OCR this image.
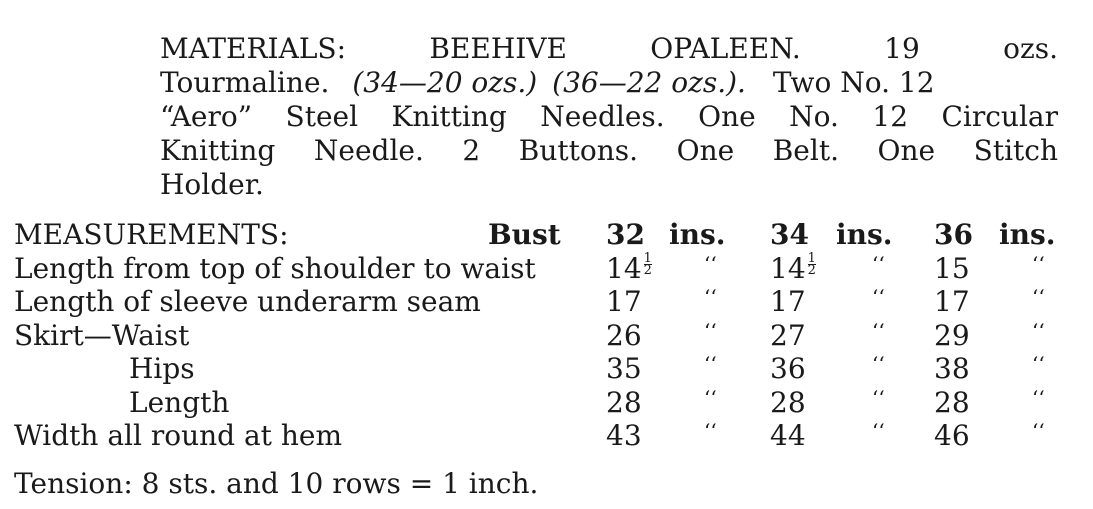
MATERIALS:	BEEHIVE	OPALEEN.	19	ozs.
Tourmaline. (34—20 ozs.) (36—22 ozs.). Two No. 12
“Aero” Steel Knitting Needles. One No. 12 Circular
Knitting Needle. 2 Buttons. One Belt. One Stitch
Holder.
MEASUREMENTS:	Bust 32 ins. 34 ins. 36 ins.
Length from top of shoulder to waist	$14 \frac{1}{2}$	‘‘ $14 \frac{1}{2}$	‘‘ 15	‘‘
Length of sleeve underarm seam	17	‘‘ 17	‘‘ 17	‘‘
Skirt—Waist	26	‘‘ 27	‘‘ 29	‘‘
Hips	35	‘‘ 36	‘‘ 38	‘‘
Length	28	‘‘ 28	‘‘ 28	‘‘
Width all round at hem	43	‘‘ 44	‘‘ 46	‘‘
Tension: 8 sts. and 10 rows = 1 inch.
